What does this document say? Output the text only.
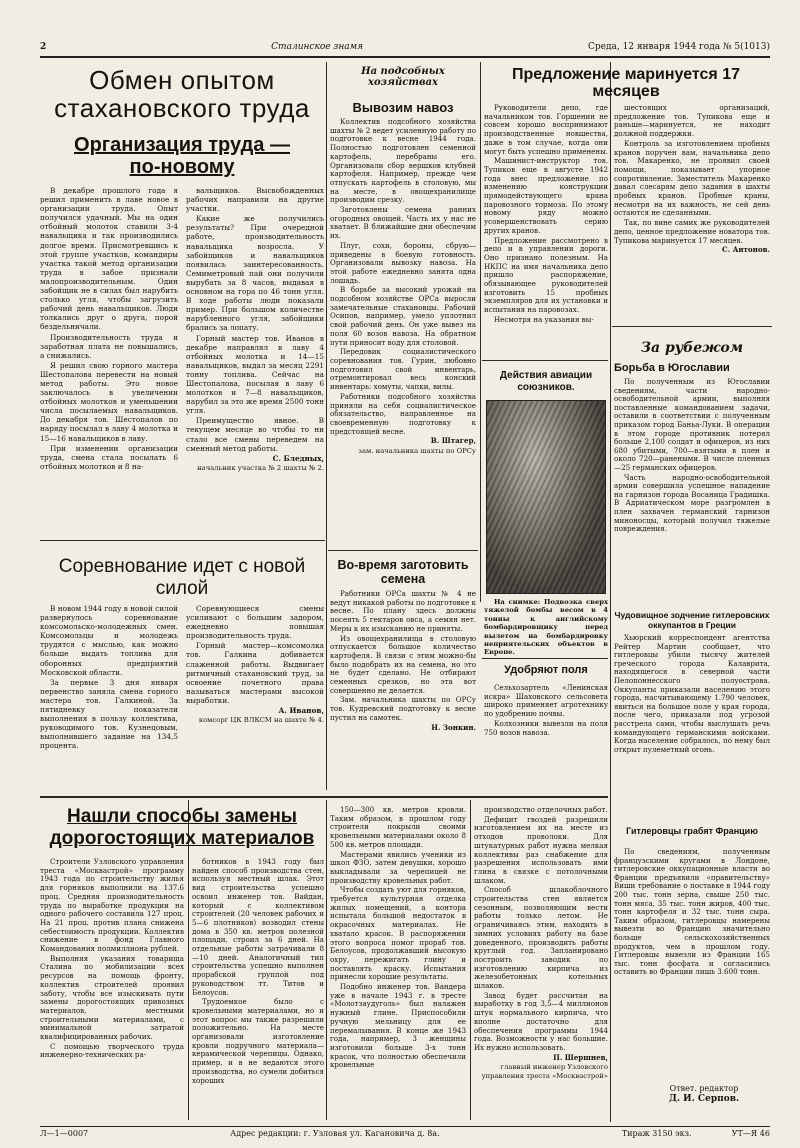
2	Сталинское знамя	Среда, 12 января 1944 года № 5(1013)
Обмен опытом
стахановского труда
Организация труда —по-новому

В декабре прошлого года я решил применить в лаве новое в организации труда. Опыт получился удачный. Мы на один отбойный молоток ставили 3-4 навальщика и так производились долгое время. Присмотревшись к этой группе участков, командиры участка такой метод организации труда в забое признали малопроизводительным. Один забойщик не в силах был нарубить столько угля, чтобы загрузить рабочий день навальщиков. Люди толкались друг о друга, порой бездельничали.

Производительность труда и заработная плата не повышались, а снижались.

Я решил свою горного мастера Шестопалова перевести на новый метод работы. Это новое заключалось в увеличении отбойных молотков и уменьшении числа посылаемых навальщиков. До декабря тов. Шестопалов по наряду посылал в лаву 4 молотка и 15—16 навальщиков в лаву.

При изменении организации труда, смена стала посылать 6 отбойных молотков и 8 на-

вальщиков. Высвобожденных рабочих направили на другие участки.

Какие же получились результаты? При очередной работе, производительность навальщика возросла. У забойщиков и навальщиков появилась заинтересованность. Семиметровый пай они получили вырубать за 8 часов, выдавая в основном на гора по 46 тонн угля. В ходе работы люди показали пример. При большом количестве нарубленного угля, забойщики брались за лопату.

Горный мастер тов. Иванов в декабре направлял в лаву 4 отбойных молотка и 14—15 навальщиков, выдал за месяц 2291 тонну топлива. Сейчас на Шестопалова, посылая в лаву 6 молотков и 7—8 навальщиков, нарубил за это же время 2500 тонн угля.

Преимущество явное. В текущем месяце во чтобы то ни стало все смены переведем на сменный метод работы.

С. Бледных,

начальник участка № 2 шахты № 2.

Соревнование идет с новой силой

В новом 1944 году в новой силой развернулось соревнование комсомольско-молодежных смен. Комсомольцы и молодежь трудятся с мыслью, как можно больше выдать топлива для оборонных предприятий Московской области.

За первые 3 дня января первенство заняла смена горного мастера тов. Галкиной. За пятидневку показатели выполнения в пользу коллектива, руководимого тов. Кузнецовым, выполнившего задание на 134,5 процента.

Соревнующиеся смены усиливают с большим задором, ежедневно повышая производительность труда.

Горный мастер—комсомолка тов. Галкина добивается слаженной работы. Выдвигает ритмичный стахановский труд, за освоение почетного права называться мастерами высокой выработки.

А. Иванов,

комсорг ЦК ВЛКСМ на шахте № 4.

На подсобных хозяйствах
Вывозим навоз

Коллектив подсобного хозяйства шахты № 2 ведет усиленную работу по подготовке к весне 1944 года. Полностью подготовлен семенной картофель, перебраны его. Организовали сбор вершков клубней картофеля. Например, прежде чем отпускать картофель в столовую, мы на месте, в овощехранилище производим срезку.

Заготовлены семена ранних огородных овощей. Часть их у нас не хватает. В ближайшие дни обеспечим их.

Плуг, сохи, бороны, сбрую—приведены в боевую готовность. Организовали вывозку навоза. На этой работе ежедневно занята одна лошадь.

В борьбе за высокий урожай на подсобном хозяйстве ОРСа выросли замечательные стахановцы. Рабочий Осипов, например, умело уплотнил свой рабочий день. Он уже вывез на поля 60 возов навоза. На обратном пути приносит воду для столовой.

Передовик социалистического соревнования тов. Гурин, любовно подготовил свой инвентарь, отремонтировал весь конский инвентарь: хомуты, чапки, вилы.

Работники подсобного хозяйства приняли на себя социалистическое обязательство, направленное на своевременную подготовку к предстоящей весне.

В. Штагер,

зам. начальника шахты по ОРСу

Во-время заготовить семена

Работники ОРСа шахты № 4 не ведут никакой работы по подготовке к весне. По плану здесь должны посеять 5 гектаров овса, а семян нет. Меры к их изысканию не приняты.

Из овощехранилища в столовую отпускается большое количество картофеля. В связи с этим можно-бы было подобрать их на семена, но это не будет сделано. Не отбирают семенных срезков, но эта вот совершенно не делается.

Зам. начальника шахты по ОРСу тов. Кудревский подготовку к весне пустил на самотек.

Н. Зонкин.

Предложение маринуется 17 месяцев

Руководители депо, где начальником тов. Горшенин не совсем хорошо воспринимают производственные новшества, даже в том случае, когда они могут быть успешно применены.

Машинист-инструктор тов. Тупиков еще в августе 1942 года внес предложение по изменению конструкции прямодействующего крана паровозного тормоза. По этому новому ряду можно усовершенствовать серию других кранов.

Предложение рассмотрено в депо и в управлении дороги. Оно признано полезным. На НКПС на имя начальника депо пришло распоряжение, обязывающее руководителей изготовить 15 пробных экземпляров для их установки и испытания на паровозах.

Несмотря на указания вы-

шестоящих организаций, предложение тов. Тупикова еще и раньше—маринуется, не находит должной поддержки.

Контроль за изготовлением пробных кранов поручен вам, начальника депо тов. Макаренко, не проявил своей помощи, показывает упорное сопротивление. Заместитель Макаренко давал слесарям депо задания в шахты пробных кранов. Пробные краны, несмотря на их важность, не сей день остаются не сделанными.

Так, по вине самих же руководителей депо, ценное предложение новатора тов. Тупикова маринуется 17 месяцев.

С. Антонов.

Действия авиации союзников.

На снимке: Подвозка сверх тяжелой бомбы весом в 4 тонны к английскому бомбардировщику перед вылетом на бомбардировку неприятельских объектов в Европе.

Удобряют поля

Сельхозартель «Ленинская искра» Шаховского сельсовета широко применяет агротехнику по удобрению почвы.

Колхозники вывезли на поля 750 возов навоза.

За рубежом
Борьба в Югославии

По полученным из Югославии сведениям, части народно-освободительной армии, выполняя поставленные командованием задачи, оставили в соответствии с полученным приказом город Баньа-Луки. В операции в этом городе противник потерял больше 2,100 солдат и офицеров, из них 680 убитыми, 700—взятыми в плен и около 720—ранеными. В числе пленных—25 германских офицеров.

Часть народно-освободительной армии совершила успешное нападение на гарнизон города Восаница Градишка. В Адриатическом море разгромлен в плен захвачен германский гарнизон миноносцы, который получил тяжелые повреждения.

Чудовищное зодчение гитлеровских оккупантов в Греции

Хьюрский корреспондент агентства Рейтер Мартин сообщает, что гитлеровцы убили тысячу жителей греческого города Калаврита, находящегося в северной части Пелопоннесского полуострова. Оккупанты приказали населению этого города, насчитывающему 1.790 человек, явиться на большое поле у края города, после чего, приказали под угрозой расстрела сами, чтобы выслушать речь командующего германскими войсками. Когда население собралось, по нему был открыт пулеметный огонь.

Гитлеровцы грабят Францию

По сведениям, полученным французскими кругами в Лондоне, гитлеровские оккупационные власти во Франции предъявили «правительству» Виши требование о поставке в 1944 году 200 тыс. тонн зерна, свыше 250 тыс. тонн мяса, 35 тыс. тонн жиров, 400 тыс. тонн картофеля и 32 тыс. тонн сыра. Таким образом, гитлеровцы намерены вывезти во Францию значительно больше сельскохозяйственных продуктов, чем в прошлом году. Гитлеровцы вывезли из Франции 165 тыс. тонн фосфата и согласились оставить во Франции лишь 3.600 тонн.

Ответ. редактор
Д. И. Серпов.
Нашли способы замены
дорогостоящих материалов

Строители Узловского управления треста «Москвастрой» программу 1943 года по строительству жилья для горняков выполнили на 137.6 проц. Средняя производительность труда по выработке продукции на одного рабочего составила 127 проц. На 21 проц. против плана снижена себестоимость продукции. Коллектив снижение в фонд Главного Командования полмиллиона рублей.

Выполняя указания товарища Сталина по мобилизации всех ресурсов на помощь фронту, коллектив строителей проявил заботу, чтобы все изыскивать пути замены дорогостоящих привозных материалов, местными строительными материалами, с минимальной затратой квалифицированных рабочих.

С помощью творческого труда инженерно-технических ра-

ботников в 1943 году был найден способ производства стен, используя местный шлак. Этот вид строительства успешно освоил инженер тов. Вайдан, который с коллективом строителей (20 человек рабочих и 5—6 плотников) возводил стены дома в 350 кв. метров полезной площади, строил за 6 дней. На отдельные работы затрачивали 8—10 дней. Аналогичный тип строительства успешно выполнен прорабской группой под руководством тт. Титов и Белоусов.

Трудоемкое было с кровельными материалами, но и этот вопрос мы также разрешили положительно. На месте организовали изготовление кровли подручного материала—керамической черепицы. Однако, пример, и в не ведаются этого производства, но сумели добиться хороших

150—300 кв. метров кровли. Таким образом, в прошлом году строители покрыли своими кровельными материалами около 8 500 кв. метров площади.

Мастерами явились ученики из школ ФЗО, затем девушки, хорошо выкладывали за черепицей не производству кровельных работ.

Чтобы создать уют для горняков, требуется культурная отделка жилых помещений, а контора испытала большой недостаток в окрасочных материалах. Не хватало красок. В распоряжении этого вопроса помог прораб тов. Белоусов, продолжавший высокую охру, пережигать глину и поставлять краску. Испытания принесли хорошие результаты.

Подобно инженер тов. Вандера уже в начале 1943 г. в тресте «Молотзаудуголь» был налажен нужный глине. Приспособили ручную мельницу для ее перемалывания. В конце же 1943 года, например, 3 женщины изготовили больше 3-х тонн красок, что полностью обеспечили кровельные

производство отделочных работ.

Дефицит гвоздей разрешили изготовлением их на месте из отходов проволоки. Для штукатурных работ нужна мелкая коллективы раз снабжение для разрешения использовать ими глина в связке с потолочными шлаком.

Способ шлакоблочного строительства стен является сезонным, позволяющим вести работы только летом. Не ограничиваясь этим, находить в зимних условиях работу на базе доведенного, производить работы круглый год. Запланировано построить заводик по изготовлению кирпича из железобетонных котельных шлаков.

Завод будет рассчитан на выработку в год 3,5—4 миллионов штук нормального кирпича, что вполне достаточно для обеспечения программы 1944 года. Возможности у нас большие. Их нужно использовать.

П. Шершнев,

главный инженер Узловского управления треста «Москвастрой»

Л—1—0007	Адрес редакции: г. Узловая ул. Кагановича д. 8а.	Тираж 3150 экз.	УТ—Я 46
